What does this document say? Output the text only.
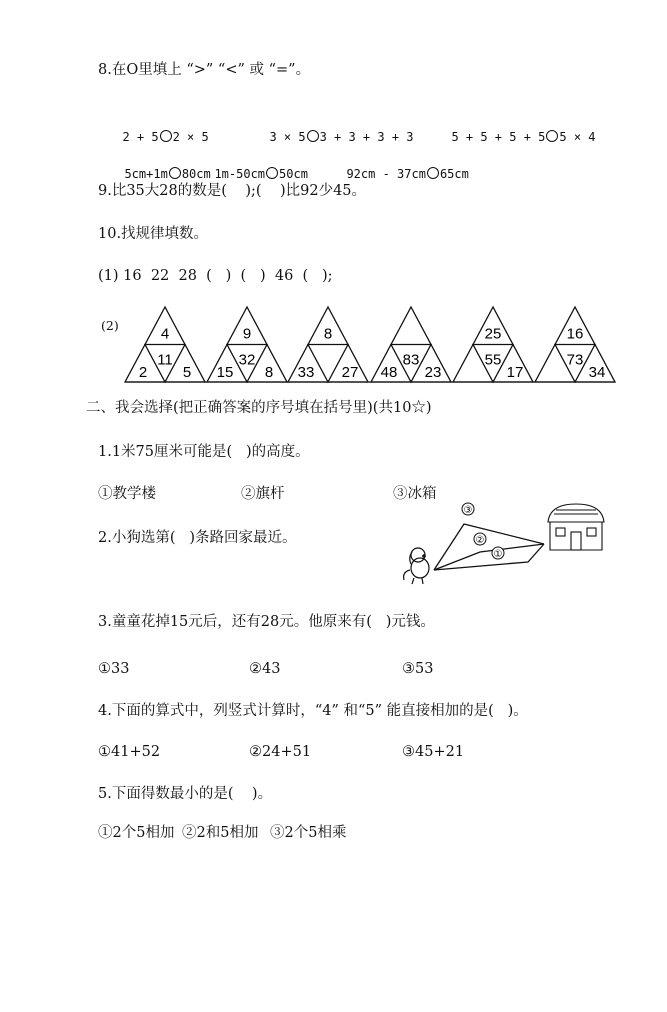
8.在O里填上 “>” “<” 或 “=”。

2 + 5 2 × 5	3 × 5 3 + 3 + 3 + 3	5 + 5 + 5 + 5 5 × 4

5cm+1m 80cm 1m-50cm 50cm	92cm - 37cm 65cm

9.比35大28的数是(    );(    )比92少45。
10.找规律填数。
(1) 16  22  28  (   )  (   )  46  (   );
(2)	4
11
2 5
9
32
15 8
8
33 27
83
48 23
25
55
17
16
73
34
二、我会选择(把正确答案的序号填在括号里)(共10☆)
1.1米75厘米可能是(   )的高度。
①教学楼	②旗杆	③冰箱
2.小狗选第(   )条路回家最近。
①
②
③
3.童童花掉15元后，还有28元。他原来有(   )元钱。
①33	②43	③53
4.下面的算式中，列竖式计算时，“4” 和“5” 能直接相加的是(   )。
①41+52	②24+51	③45+21
5.下面得数最小的是(    )。
①2个5相加 ②2和5相加 ③2个5相乘
